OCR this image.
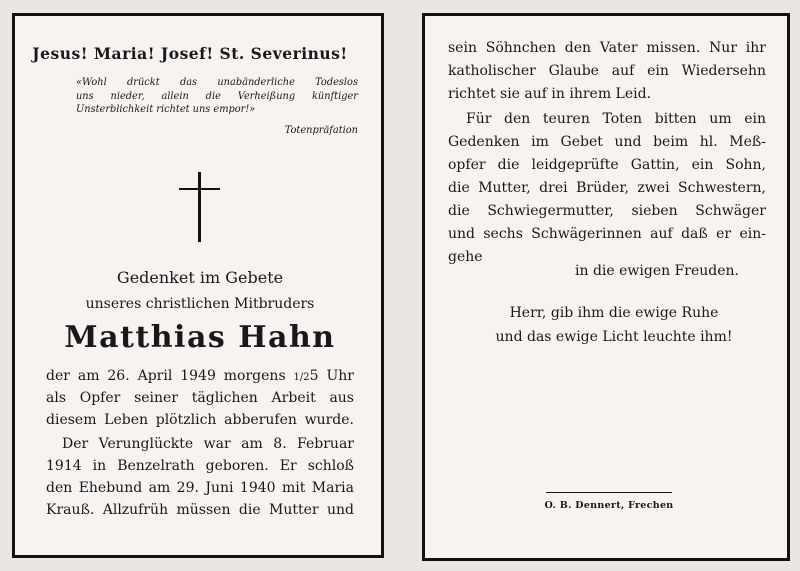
Jesus! Maria! Josef! St. Severinus!
«Wohl drückt das unabänderliche Todeslos
uns nieder, allein die Verheißung künftiger
Unsterblichkeit richtet uns empor!»
Totenpräfation
Gedenket im Gebete
unseres christlichen Mitbruders
Matthias Hahn
der am 26. April 1949 morgens 1/25 Uhr
als Opfer seiner täglichen Arbeit aus
diesem Leben plötzlich abberufen wurde.
Der Verunglückte war am 8. Februar
1914 in Benzelrath geboren. Er schloß
den Ehebund am 29. Juni 1940 mit Maria
Krauß. Allzufrüh müssen die Mutter und
sein Söhnchen den Vater missen. Nur ihr
katholischer Glaube auf ein Wiedersehn
richtet sie auf in ihrem Leid.
Für den teuren Toten bitten um ein
Gedenken im Gebet und beim hl. Meß-
opfer die leidgeprüfte Gattin, ein Sohn,
die Mutter, drei Brüder, zwei Schwestern,
die Schwiegermutter, sieben Schwäger
und sechs Schwägerinnen auf daß er ein-
gehe
in die ewigen Freuden.
Herr, gib ihm die ewige Ruhe
und das ewige Licht leuchte ihm!
O. B. Dennert, Frechen
